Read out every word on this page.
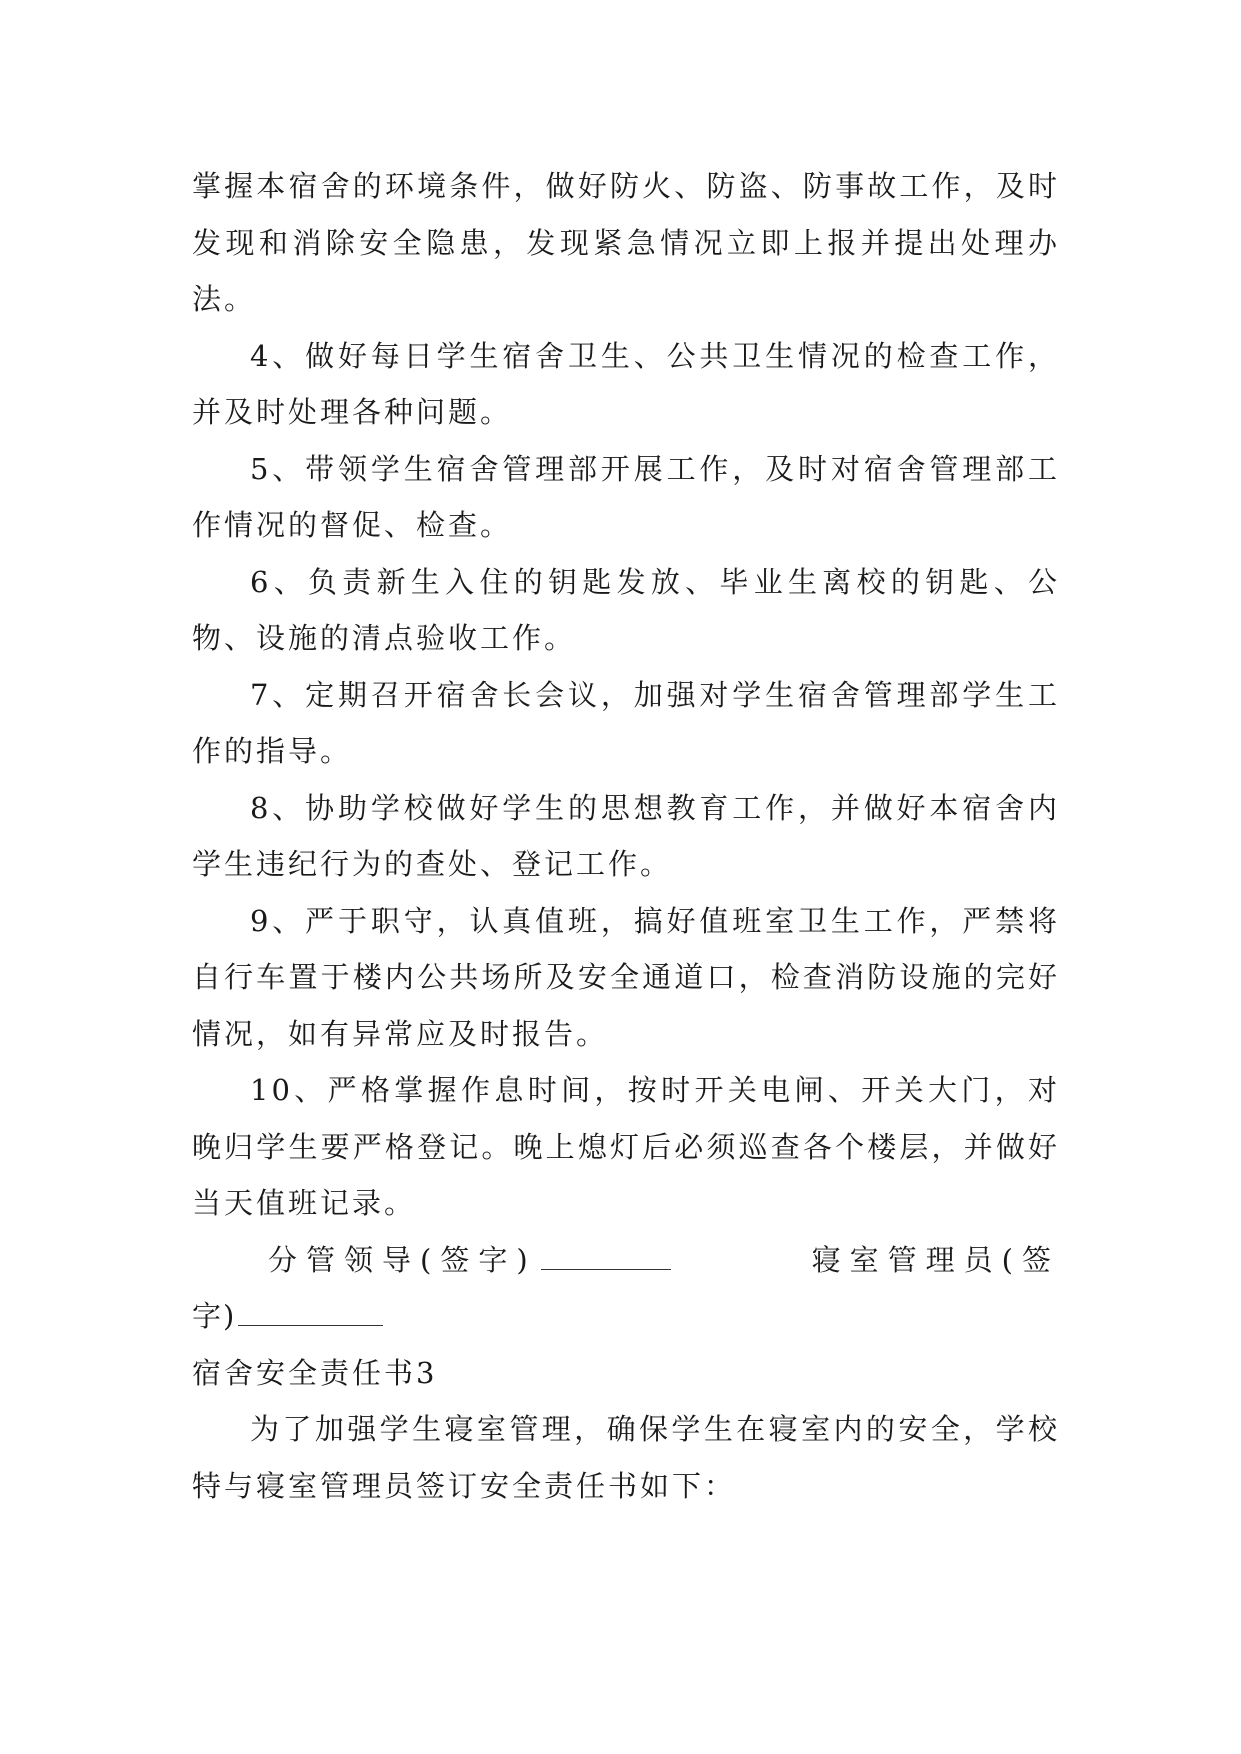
掌握本宿舍的环境条件，做好防火、防盗、防事故工作，及时发现和消除安全隐患，发现紧急情况立即上报并提出处理办法。

4、做好每日学生宿舍卫生、公共卫生情况的检查工作，并及时处理各种问题。

5、带领学生宿舍管理部开展工作，及时对宿舍管理部工作情况的督促、检查。

6、负责新生入住的钥匙发放、毕业生离校的钥匙、公物、设施的清点验收工作。

7、定期召开宿舍长会议，加强对学生宿舍管理部学生工作的指导。

8、协助学校做好学生的思想教育工作，并做好本宿舍内学生违纪行为的查处、登记工作。

9、严于职守，认真值班，搞好值班室卫生工作，严禁将自行车置于楼内公共场所及安全通道口，检查消防设施的完好情况，如有异常应及时报告。

10、严格掌握作息时间，按时开关电闸、开关大门，对晚归学生要严格登记。晚上熄灯后必须巡查各个楼层，并做好当天值班记录。

分管领导(签字)	寝室管理员(签
字)

宿舍安全责任书3

为了加强学生寝室管理，确保学生在寝室内的安全，学校特与寝室管理员签订安全责任书如下：
